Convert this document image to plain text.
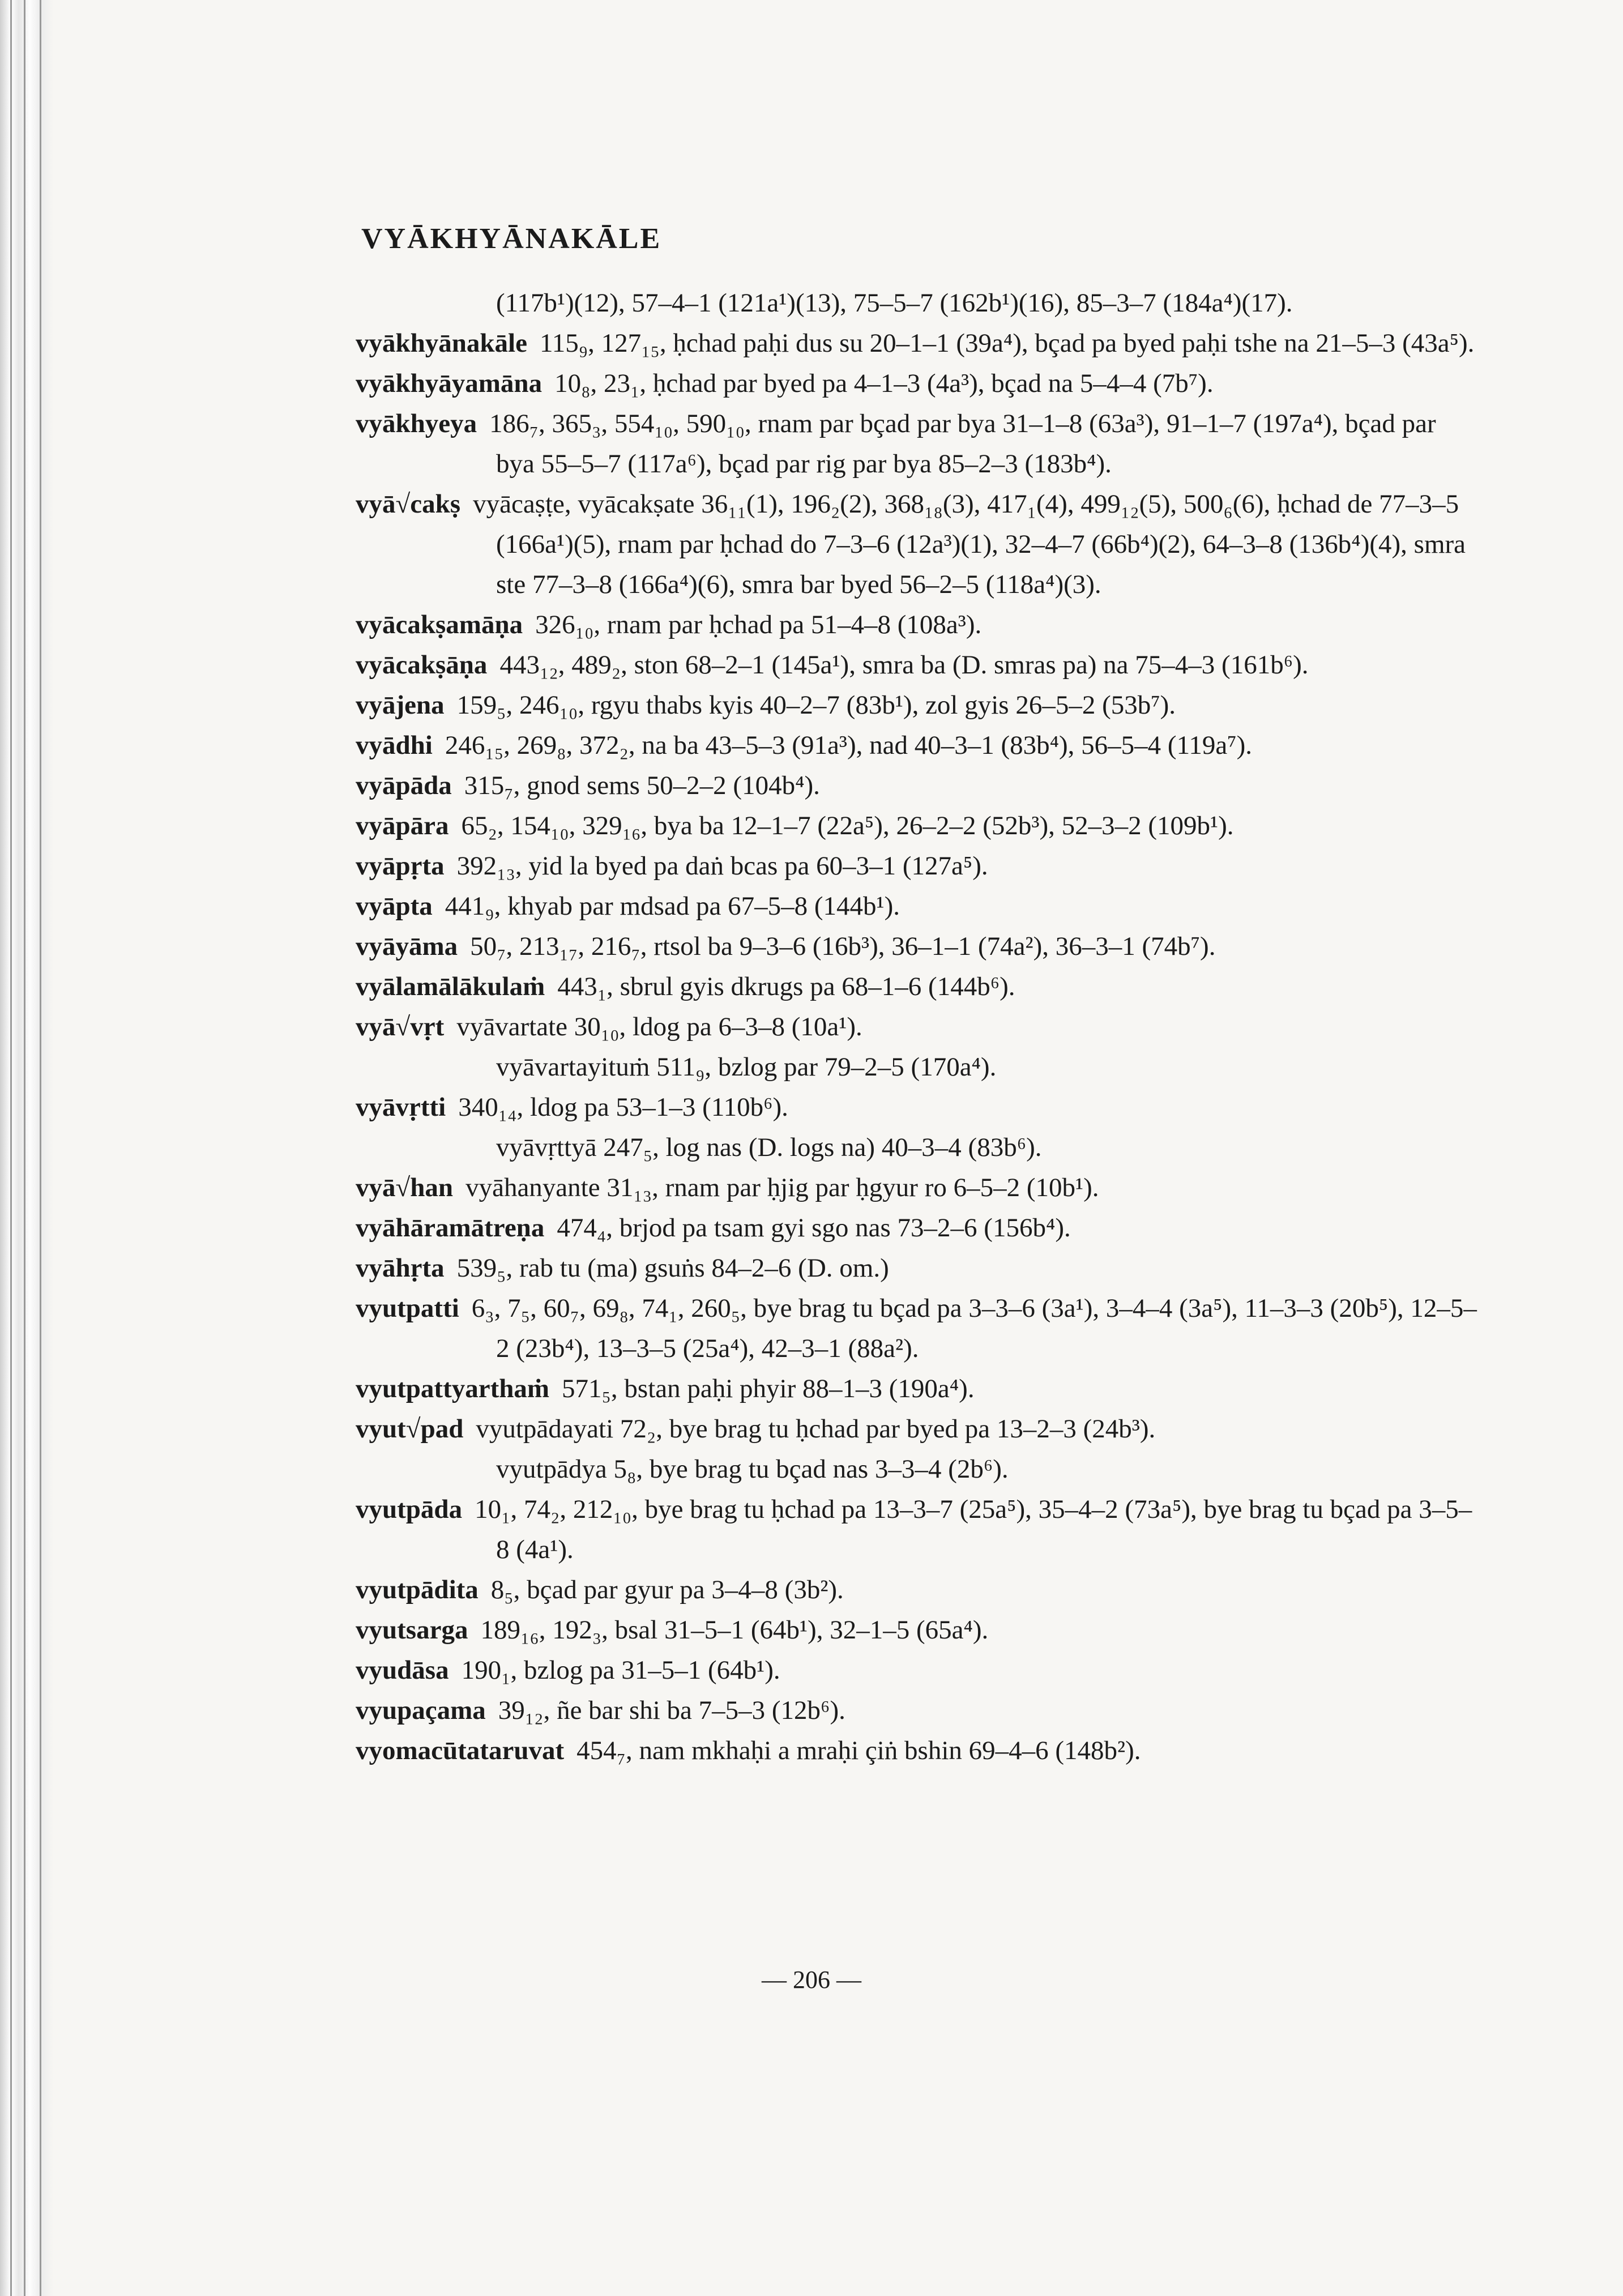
VYĀKHYĀNAKĀLE

(117b¹)(12), 57–4–1 (121a¹)(13), 75–5–7 (162b¹)(16), 85–3–7 (184a⁴)(17).

vyākhyānakāle 115₉, 127₁₅, ḥchad paḥi dus su 20–1–1 (39a⁴), bçad pa byed paḥi tshe na 21–5–3 (43a⁵).

vyākhyāyamāna 10₈, 23₁, ḥchad par byed pa 4–1–3 (4a³), bçad na 5–4–4 (7b⁷).

vyākhyeya 186₇, 365₃, 554₁₀, 590₁₀, rnam par bçad par bya 31–1–8 (63a³), 91–1–7 (197a⁴), bçad par bya 55–5–7 (117a⁶), bçad par rig par bya 85–2–3 (183b⁴).

vyā√cakṣ vyācaṣṭe, vyācakṣate 36₁₁(1), 196₂(2), 368₁₈(3), 417₁(4), 499₁₂(5), 500₆(6), ḥchad de 77–3–5 (166a¹)(5), rnam par ḥchad do 7–3–6 (12a³)(1), 32–4–7 (66b⁴)(2), 64–3–8 (136b⁴)(4), smra ste 77–3–8 (166a⁴)(6), smra bar byed 56–2–5 (118a⁴)(3).

vyācakṣamāṇa 326₁₀, rnam par ḥchad pa 51–4–8 (108a³).

vyācakṣāṇa 443₁₂, 489₂, ston 68–2–1 (145a¹), smra ba (D. smras pa) na 75–4–3 (161b⁶).

vyājena 159₅, 246₁₀, rgyu thabs kyis 40–2–7 (83b¹), zol gyis 26–5–2 (53b⁷).

vyādhi 246₁₅, 269₈, 372₂, na ba 43–5–3 (91a³), nad 40–3–1 (83b⁴), 56–5–4 (119a⁷).

vyāpāda 315₇, gnod sems 50–2–2 (104b⁴).

vyāpāra 65₂, 154₁₀, 329₁₆, bya ba 12–1–7 (22a⁵), 26–2–2 (52b³), 52–3–2 (109b¹).

vyāpṛta 392₁₃, yid la byed pa daṅ bcas pa 60–3–1 (127a⁵).

vyāpta 441₉, khyab par mdsad pa 67–5–8 (144b¹).

vyāyāma 50₇, 213₁₇, 216₇, rtsol ba 9–3–6 (16b³), 36–1–1 (74a²), 36–3–1 (74b⁷).

vyālamālākulaṁ 443₁, sbrul gyis dkrugs pa 68–1–6 (144b⁶).

vyā√vṛt vyāvartate 30₁₀, ldog pa 6–3–8 (10a¹).

vyāvartayituṁ 511₉, bzlog par 79–2–5 (170a⁴).

vyāvṛtti 340₁₄, ldog pa 53–1–3 (110b⁶).

vyāvṛttyā 247₅, log nas (D. logs na) 40–3–4 (83b⁶).

vyā√han vyāhanyante 31₁₃, rnam par ḥjig par ḥgyur ro 6–5–2 (10b¹).

vyāhāramātreṇa 474₄, brjod pa tsam gyi sgo nas 73–2–6 (156b⁴).

vyāhṛta 539₅, rab tu (ma) gsuṅs 84–2–6 (D. om.)

vyutpatti 6₃, 7₅, 60₇, 69₈, 74₁, 260₅, bye brag tu bçad pa 3–3–6 (3a¹), 3–4–4 (3a⁵), 11–3–3 (20b⁵), 12–5–2 (23b⁴), 13–3–5 (25a⁴), 42–3–1 (88a²).

vyutpattyarthaṁ 571₅, bstan paḥi phyir 88–1–3 (190a⁴).

vyut√pad vyutpādayati 72₂, bye brag tu ḥchad par byed pa 13–2–3 (24b³).

vyutpādya 5₈, bye brag tu bçad nas 3–3–4 (2b⁶).

vyutpāda 10₁, 74₂, 212₁₀, bye brag tu ḥchad pa 13–3–7 (25a⁵), 35–4–2 (73a⁵), bye brag tu bçad pa 3–5–8 (4a¹).

vyutpādita 8₅, bçad par gyur pa 3–4–8 (3b²).

vyutsarga 189₁₆, 192₃, bsal 31–5–1 (64b¹), 32–1–5 (65a⁴).

vyudāsa 190₁, bzlog pa 31–5–1 (64b¹).

vyupaçama 39₁₂, ñe bar shi ba 7–5–3 (12b⁶).

vyomacūtataruvat 454₇, nam mkhaḥi a mraḥi çiṅ bshin 69–4–6 (148b²).

— 206 —
